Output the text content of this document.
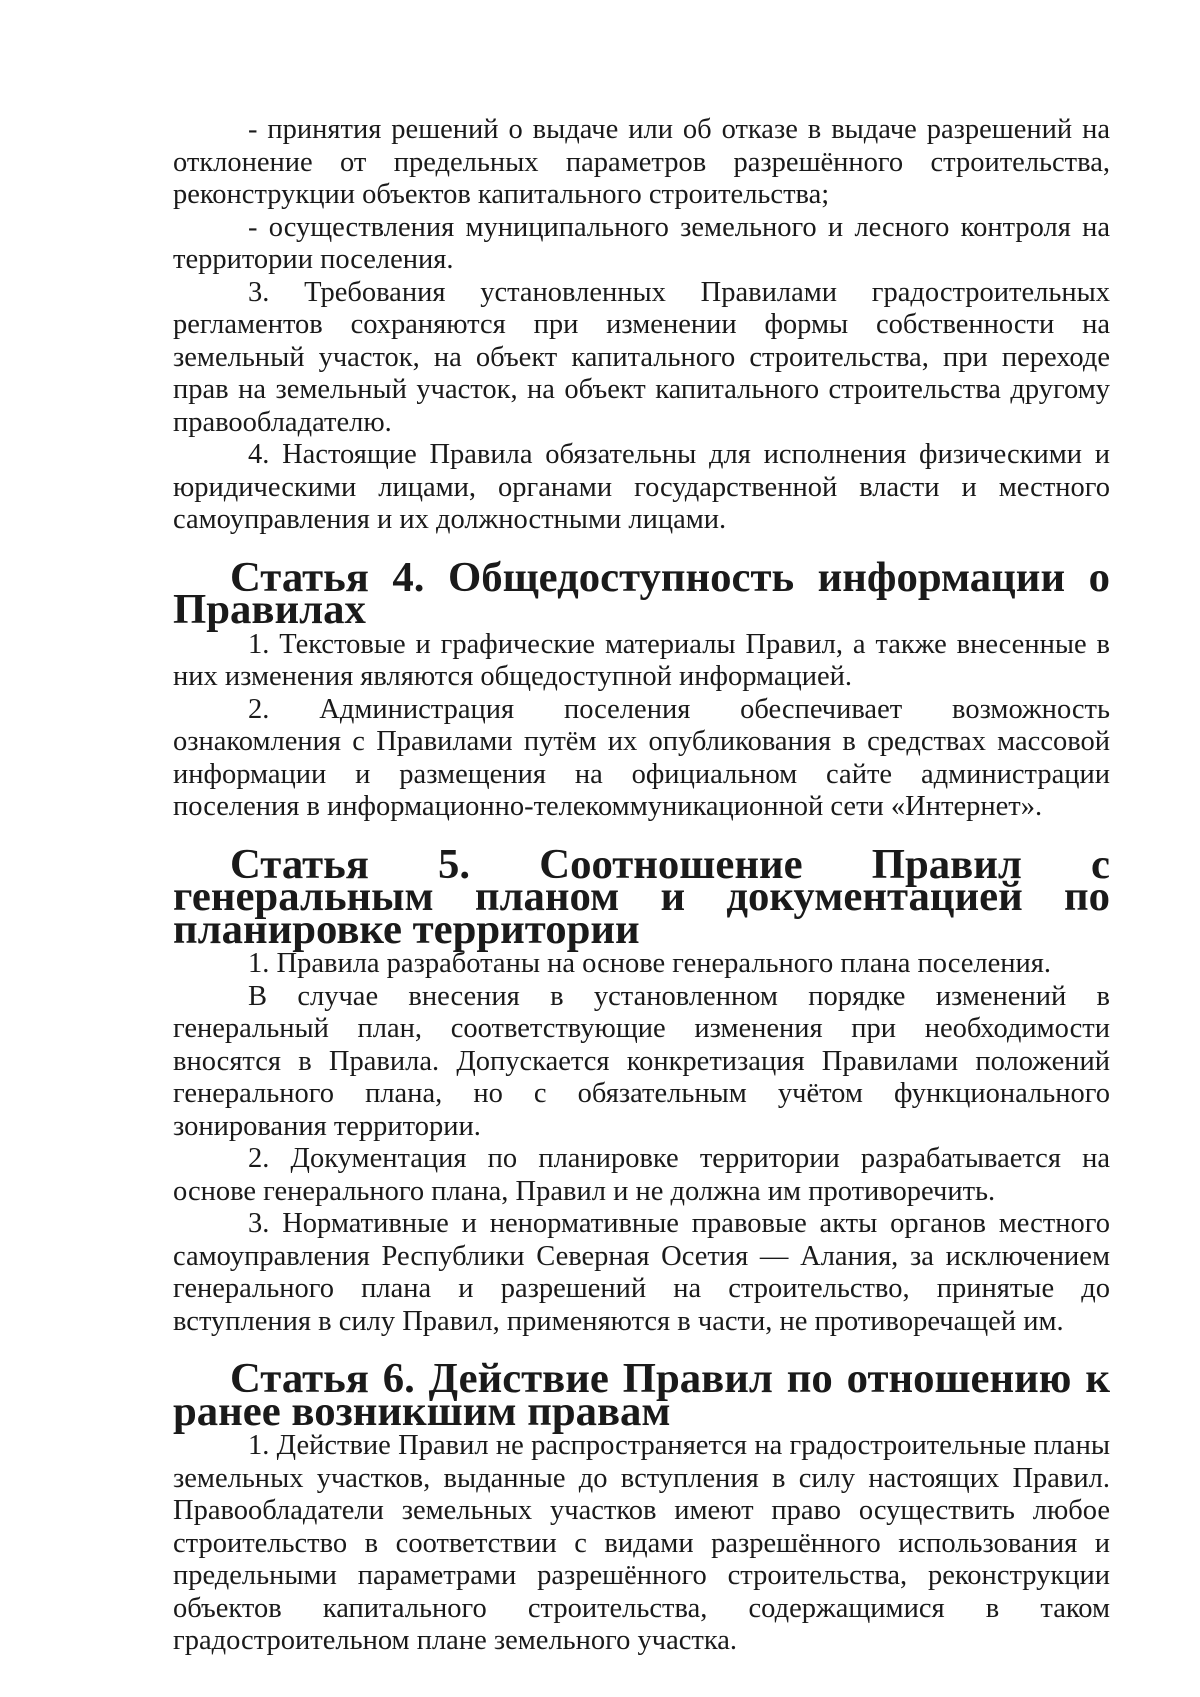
- принятия решений о выдаче или об отказе в выдаче разрешений на отклонение от предельных параметров разрешённого строительства, реконструкции объектов капитального строительства;

- осуществления муниципального земельного и лесного контроля на территории поселения.

3. Требования установленных Правилами градостроительных регламентов сохраняются при изменении формы собственности на земельный участок, на объект капитального строительства, при переходе прав на земельный участок, на объект капитального строительства другому правообладателю.

4. Настоящие Правила обязательны для исполнения физическими и юридическими лицами, органами государственной власти и местного самоуправления и их должностными лицами.

Статья 4. Общедоступность информации о Правилах

1. Текстовые и графические материалы Правил, а также внесенные в них изменения являются общедоступной информацией.

2. Администрация поселения обеспечивает возможность ознакомления с Правилами путём их опубликования в средствах массовой информации и размещения на официальном сайте администрации поселения в информационно-телекоммуникационной сети «Интернет».

Статья 5. Соотношение Правил с генеральным планом и документацией по планировке территории

1. Правила разработаны на основе генерального плана поселения.

В случае внесения в установленном порядке изменений в генеральный план, соответствующие изменения при необходимости вносятся в Правила. Допускается конкретизация Правилами положений генерального плана, но с обязательным учётом функционального зонирования территории.

2. Документация по планировке территории разрабатывается на основе генерального плана, Правил и не должна им противоречить.

3. Нормативные и ненормативные правовые акты органов местного самоуправления Республики Северная Осетия — Алания, за исключением генерального плана и разрешений на строительство, принятые до вступления в силу Правил, применяются в части, не противоречащей им.

Статья 6. Действие Правил по отношению к ранее возникшим правам

1. Действие Правил не распространяется на градостроительные планы земельных участков, выданные до вступления в силу настоящих Правил. Правообладатели земельных участков имеют право осуществить любое строительство в соответствии с видами разрешённого использования и предельными параметрами разрешённого строительства, реконструкции объектов капитального строительства, содержащимися в таком градостроительном плане земельного участка.
